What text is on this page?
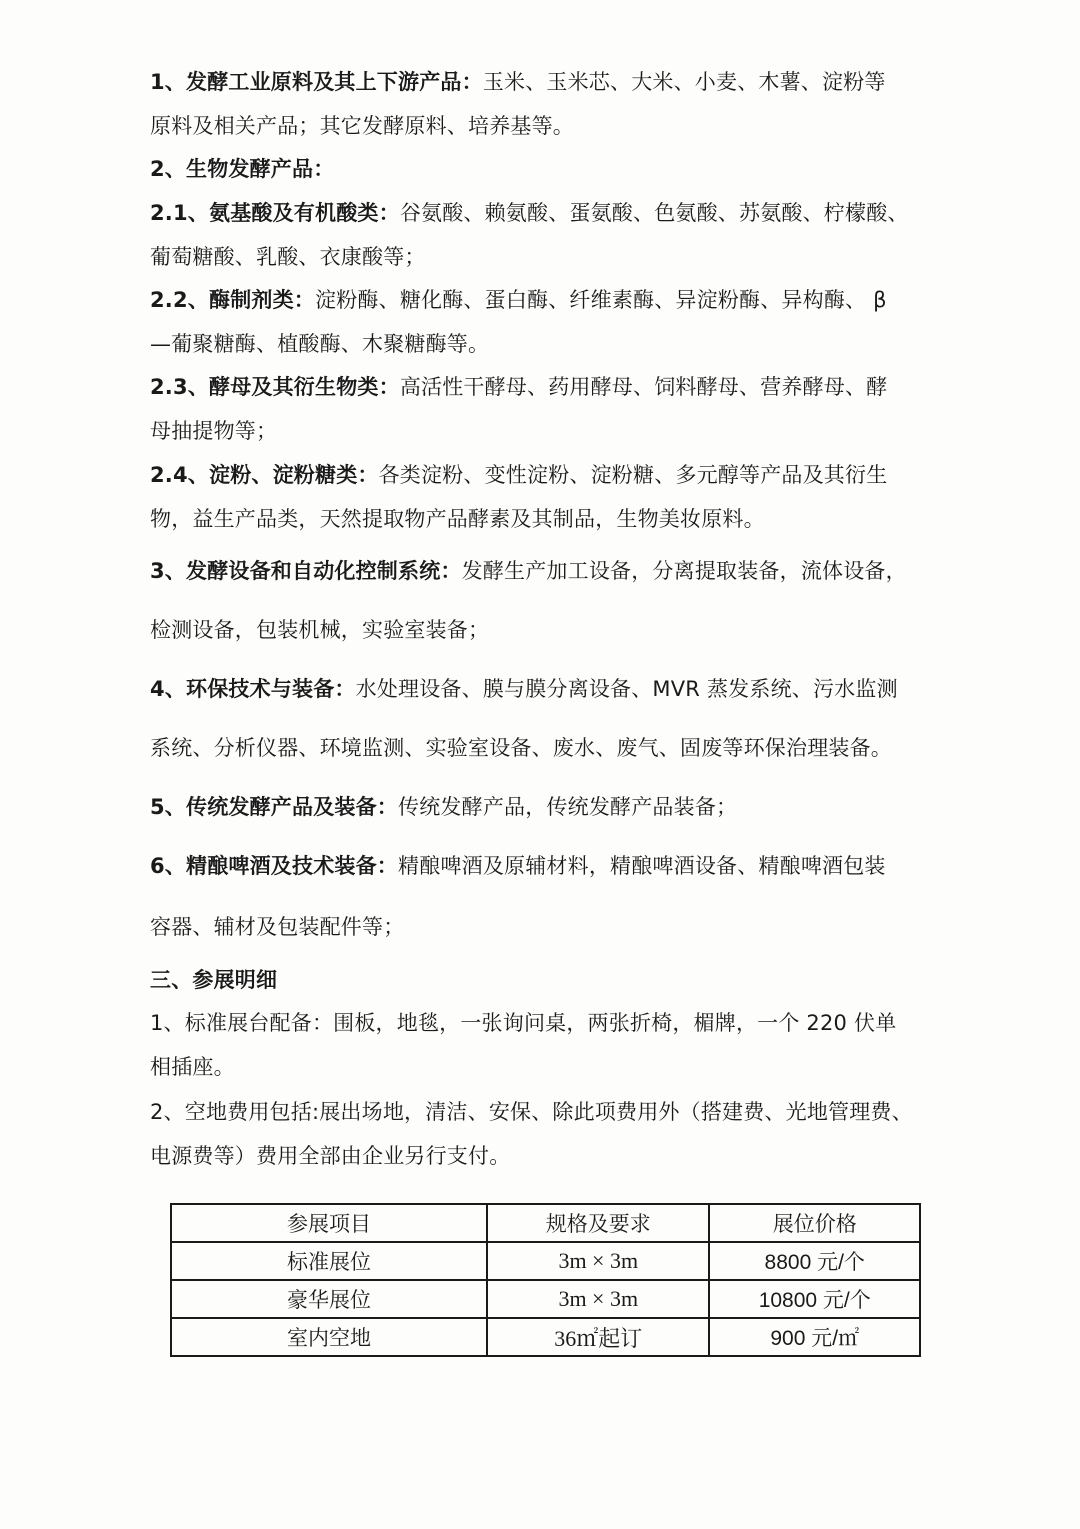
1、发酵工业原料及其上下游产品：玉米、玉米芯、大米、小麦、木薯、淀粉等
原料及相关产品；其它发酵原料、培养基等。
2、生物发酵产品：
2.1、氨基酸及有机酸类：谷氨酸、赖氨酸、蛋氨酸、色氨酸、苏氨酸、柠檬酸、
葡萄糖酸、乳酸、衣康酸等；
2.2、酶制剂类：淀粉酶、糖化酶、蛋白酶、纤维素酶、异淀粉酶、异构酶、 β
—葡聚糖酶、植酸酶、木聚糖酶等。
2.3、酵母及其衍生物类：高活性干酵母、药用酵母、饲料酵母、营养酵母、酵
母抽提物等；
2.4、淀粉、淀粉糖类：各类淀粉、变性淀粉、淀粉糖、多元醇等产品及其衍生
物，益生产品类，天然提取物产品酵素及其制品，生物美妆原料。
3、发酵设备和自动化控制系统：发酵生产加工设备，分离提取装备，流体设备，
检测设备，包装机械，实验室装备；
4、环保技术与装备：水处理设备、膜与膜分离设备、MVR 蒸发系统、污水监测
系统、分析仪器、环境监测、实验室设备、废水、废气、固废等环保治理装备。
5、传统发酵产品及装备：传统发酵产品，传统发酵产品装备；
6、精酿啤酒及技术装备：精酿啤酒及原辅材料，精酿啤酒设备、精酿啤酒包装
容器、辅材及包装配件等；
三、参展明细
1、标准展台配备：围板，地毯，一张询问桌，两张折椅，楣牌，一个 220 伏单
相插座。
2、空地费用包括:展出场地，清洁、安保、除此项费用外（搭建费、光地管理费、
电源费等）费用全部由企业另行支付。
参展项目	规格及要求	展位价格
标准展位	3m × 3m	8800 元/个
豪华展位	3m × 3m	10800 元/个
室内空地	36㎡起订	900 元/㎡
